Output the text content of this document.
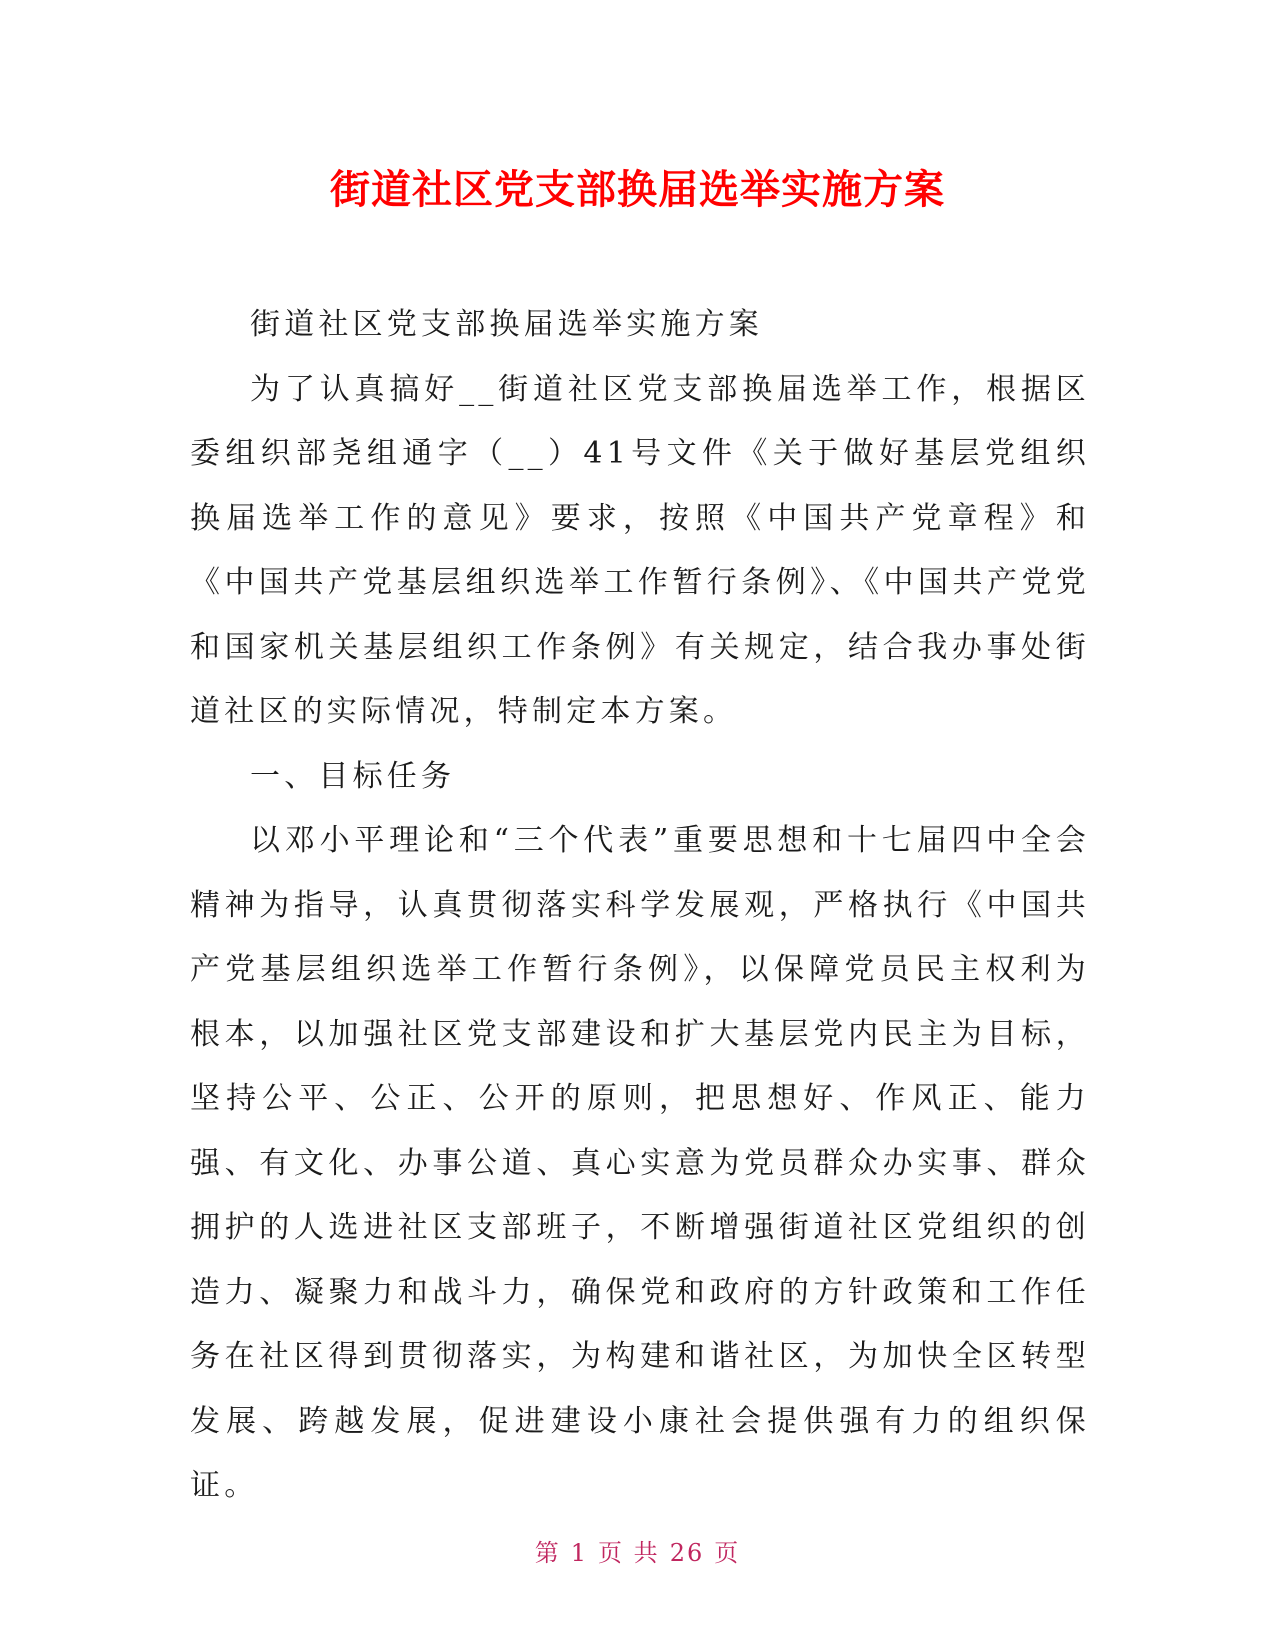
街道社区党支部换届选举实施方案

街道社区党支部换届选举实施方案

为了认真搞好__街道社区党支部换届选举工作，根据区委组织部尧组通字（__）41号文件《关于做好基层党组织换届选举工作的意见》要求，按照《中国共产党章程》和《中国共产党基层组织选举工作暂行条例》、《中国共产党党和国家机关基层组织工作条例》有关规定，结合我办事处街道社区的实际情况，特制定本方案。

一、目标任务

以邓小平理论和“三个代表”重要思想和十七届四中全会精神为指导，认真贯彻落实科学发展观，严格执行《中国共产党基层组织选举工作暂行条例》，以保障党员民主权利为根本，以加强社区党支部建设和扩大基层党内民主为目标，坚持公平、公正、公开的原则，把思想好、作风正、能力强、有文化、办事公道、真心实意为党员群众办实事、群众拥护的人选进社区支部班子，不断增强街道社区党组织的创造力、凝聚力和战斗力，确保党和政府的方针政策和工作任务在社区得到贯彻落实，为构建和谐社区，为加快全区转型发展、跨越发展，促进建设小康社会提供强有力的组织保证。

第 1 页 共 26 页
